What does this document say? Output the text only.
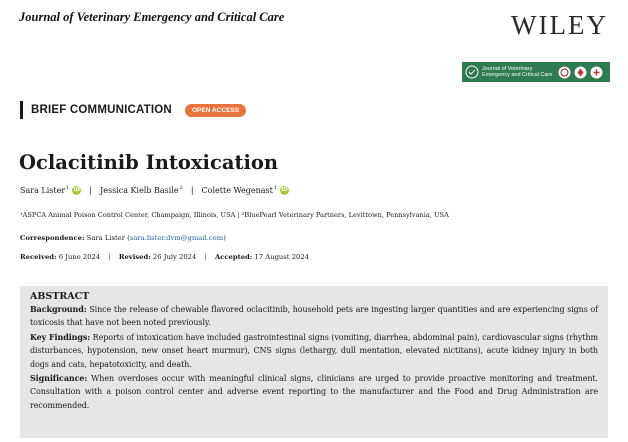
Journal of Veterinary Emergency and Critical Care	WILEY
Journal of Veterinary Emergency and Critical Care
BRIEF COMMUNICATION	OPEN ACCESS
Oclacitinib Intoxication
Sara Lister$^1$ iD | Jessica Kielb Basile$^2$ | Colette Wegenast$^1$ iD
¹ASPCA Animal Poison Control Center, Champaign, Illinois, USA | ²BluePearl Veterinary Partners, Levittown, Pennsylvania, USA
Correspondence: Sara Lister (sara.lister.dvm@gmail.com)
Received: 6 June 2024 | Revised: 26 July 2024 | Accepted: 17 August 2024
ABSTRACT

Background: Since the release of chewable flavored oclacitinib, household pets are ingesting larger quantities and are experiencing signs of toxicosis that have not been noted previously.

Key Findings: Reports of intoxication have included gastrointestinal signs (vomiting, diarrhea, abdominal pain), cardiovascular signs (rhythm disturbances, hypotension, new onset heart murmur), CNS signs (lethargy, dull mentation, elevated nictitans), acute kidney injury in both dogs and cats, hepatotoxicity, and death.

Significance: When overdoses occur with meaningful clinical signs, clinicians are urged to provide proactive monitoring and treatment. Consultation with a poison control center and adverse event reporting to the manufacturer and the Food and Drug Administration are recommended.
